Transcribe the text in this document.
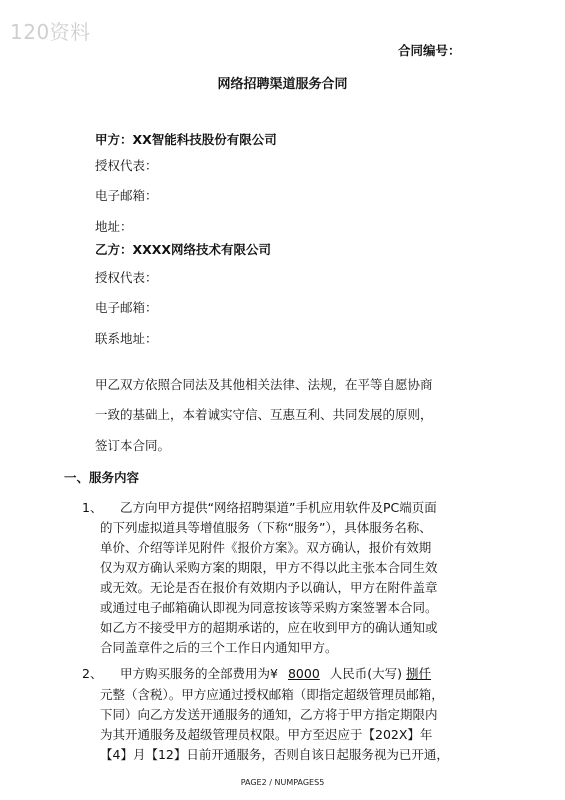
120资料
合同编号：
网络招聘渠道服务合同
甲方：XX智能科技股份有限公司
授权代表：
电子邮箱：
地址：
乙方：XXXX网络技术有限公司
授权代表：
电子邮箱：
联系地址：
甲乙双方依照合同法及其他相关法律、法规，在平等自愿协商
一致的基础上，本着诚实守信、互惠互利、共同发展的原则，
签订本合同。
一、服务内容
1、 乙方向甲方提供“网络招聘渠道”手机应用软件及PC端页面
的下列虚拟道具等增值服务（下称“服务”），具体服务名称、
单价、介绍等详见附件《报价方案》。双方确认，报价有效期
仅为双方确认采购方案的期限，甲方不得以此主张本合同生效
或无效。无论是否在报价有效期内予以确认，甲方在附件盖章
或通过电子邮箱确认即视为同意按该等采购方案签署本合同。
如乙方不接受甲方的超期承诺的，应在收到甲方的确认通知或
合同盖章件之后的三个工作日内通知甲方。
2、 甲方购买服务的全部费用为¥ 8000 人民币(大写) 捌仟
元整（含税）。甲方应通过授权邮箱（即指定超级管理员邮箱，
下同）向乙方发送开通服务的通知，乙方将于甲方指定期限内
为其开通服务及超级管理员权限。甲方至迟应于【202X】年
【4】月【12】日前开通服务，否则自该日起服务视为已开通，
PAGE2 / NUMPAGES5
